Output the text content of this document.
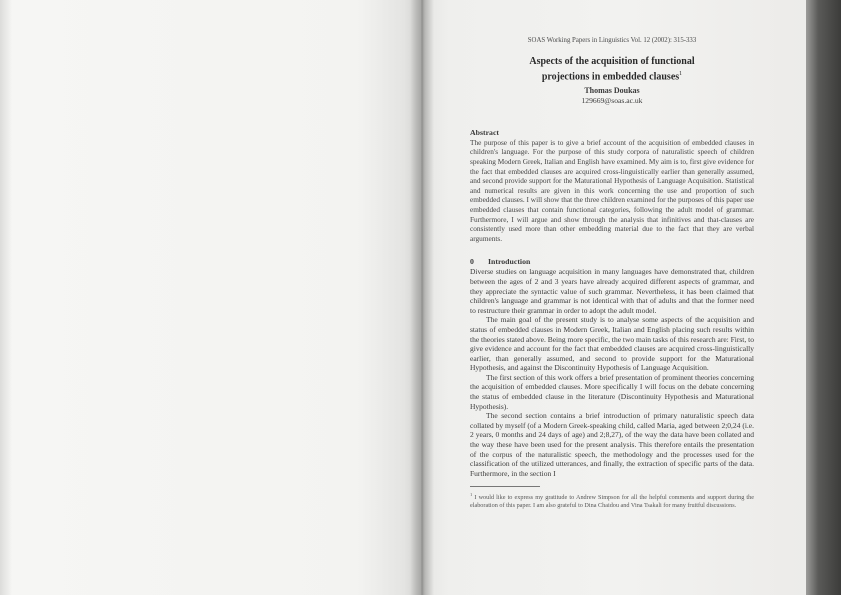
SOAS Working Papers in Linguistics Vol. 12 (2002): 315-333
Aspects of the acquisition of functional
projections in embedded clauses$^1$
Thomas Doukas
129669@soas.ac.uk
Abstract
The purpose of this paper is to give a brief account of the acquisition of embedded clauses in children's language. For the purpose of this study corpora of naturalistic speech of children speaking Modern Greek, Italian and English have examined. My aim is to, first give evidence for the fact that embedded clauses are acquired cross-linguistically earlier than generally assumed, and second provide support for the Maturational Hypothesis of Language Acquisition. Statistical and numerical results are given in this work concerning the use and proportion of such embedded clauses. I will show that the three children examined for the purposes of this paper use embedded clauses that contain functional categories, following the adult model of grammar. Furthermore, I will argue and show through the analysis that infinitives and that-clauses are consistently used more than other embedding material due to the fact that they are verbal arguments.
0 Introduction
Diverse studies on language acquisition in many languages have demonstrated that, children between the ages of 2 and 3 years have already acquired different aspects of grammar, and they appreciate the syntactic value of such grammar. Nevertheless, it has been claimed that children's language and grammar is not identical with that of adults and that the former need to restructure their grammar in order to adopt the adult model.
The main goal of the present study is to analyse some aspects of the acquisition and status of embedded clauses in Modern Greek, Italian and English placing such results within the theories stated above. Being more specific, the two main tasks of this research are: First, to give evidence and account for the fact that embedded clauses are acquired cross-linguistically earlier, than generally assumed, and second to provide support for the Maturational Hypothesis, and against the Discontinuity Hypothesis of Language Acquisition.
The first section of this work offers a brief presentation of prominent theories concerning the acquisition of embedded clauses. More specifically I will focus on the debate concerning the status of embedded clause in the literature (Discontinuity Hypothesis and Maturational Hypothesis).
The second section contains a brief introduction of primary naturalistic speech data collated by myself (of a Modern Greek-speaking child, called Maria, aged between 2;0,24 (i.e. 2 years, 0 months and 24 days of age) and 2;8,27), of the way the data have been collated and the way these have been used for the present analysis. This therefore entails the presentation of the corpus of the naturalistic speech, the methodology and the processes used for the classification of the utilized utterances, and finally, the extraction of specific parts of the data. Furthermore, in the section I
$^1$ I would like to express my gratitude to Andrew Simpson for all the helpful comments and support during the elaboration of this paper. I am also grateful to Dina Chaidou and Vina Tsakali for many fruitful discussions.
